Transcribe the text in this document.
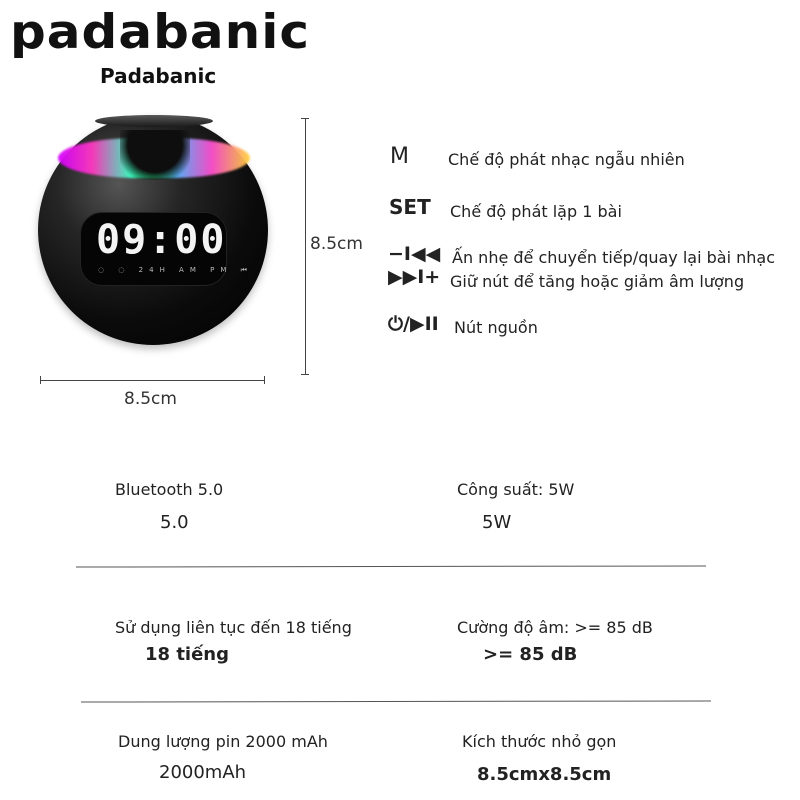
padabanic
Padabanic
09:00
◌ ◌ 24H AM PM ⏮
8.5cm
8.5cm
M Chế độ phát nhạc ngẫu nhiên
SET Chế độ phát lặp 1 bài
−I◀◀ Ấn nhẹ để chuyển tiếp/quay lại bài nhạc
▶▶I+ Giữ nút để tăng hoặc giảm âm lượng
⏻/▶II Nút nguồn
Bluetooth 5.0
5.0
Công suất: 5W
5W
Sử dụng liên tục đến 18 tiếng
18 tiếng
Cường độ âm: >= 85 dB
>= 85 dB
Dung lượng pin 2000 mAh
2000mAh
Kích thước nhỏ gọn
8.5cmx8.5cm
